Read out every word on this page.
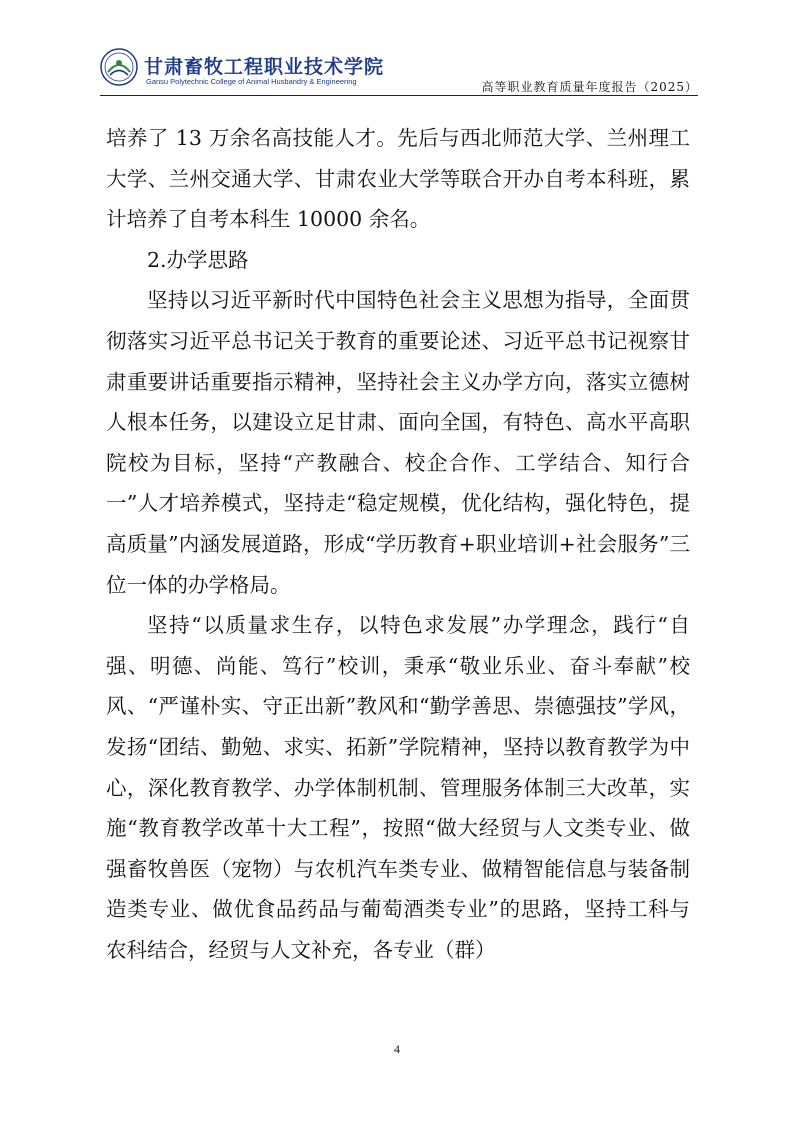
甘肃畜牧工程职业技术学院
Gansu Polytechnic College of Animal Husbandry & Engineering	高等职业教育质量年度报告（2025）

培养了 13 万余名高技能人才。先后与西北师范大学、兰州理工大学、兰州交通大学、甘肃农业大学等联合开办自考本科班，累计培养了自考本科生 10000 余名。

2.办学思路

坚持以习近平新时代中国特色社会主义思想为指导，全面贯彻落实习近平总书记关于教育的重要论述、习近平总书记视察甘肃重要讲话重要指示精神，坚持社会主义办学方向，落实立德树人根本任务，以建设立足甘肃、面向全国，有特色、高水平高职院校为目标，坚持“产教融合、校企合作、工学结合、知行合一”人才培养模式，坚持走“稳定规模，优化结构，强化特色，提高质量”内涵发展道路，形成“学历教育+职业培训+社会服务”三位一体的办学格局。

坚持“以质量求生存，以特色求发展”办学理念，践行“自强、明德、尚能、笃行”校训，秉承“敬业乐业、奋斗奉献”校风、“严谨朴实、守正出新”教风和“勤学善思、崇德强技”学风，发扬“团结、勤勉、求实、拓新”学院精神，坚持以教育教学为中心，深化教育教学、办学体制机制、管理服务体制三大改革，实施“教育教学改革十大工程”，按照“做大经贸与人文类专业、做强畜牧兽医（宠物）与农机汽车类专业、做精智能信息与装备制造类专业、做优食品药品与葡萄酒类专业”的思路，坚持工科与农科结合，经贸与人文补充，各专业（群）

4
